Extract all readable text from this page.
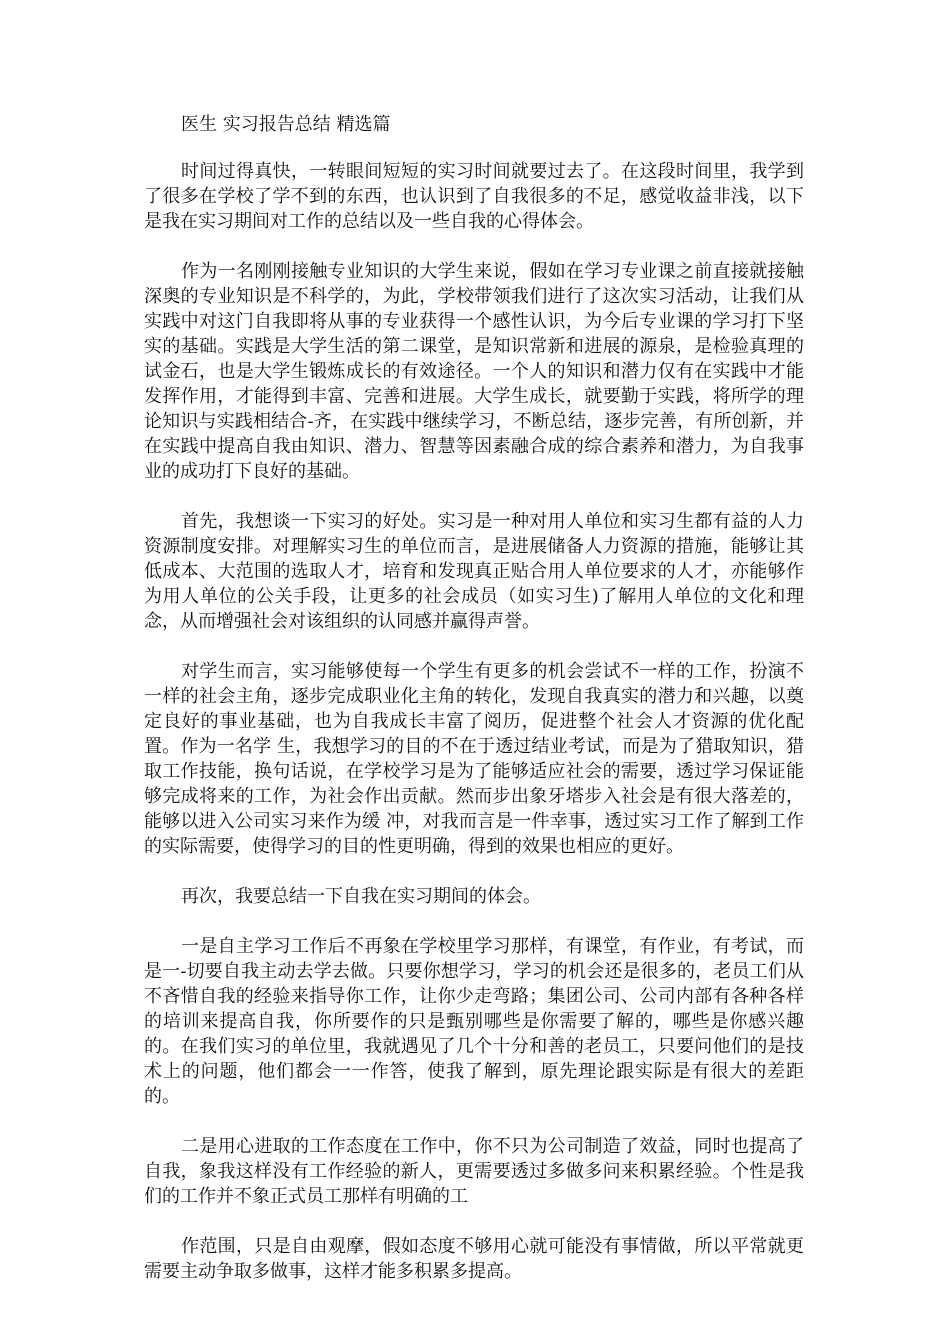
医生 实习报告总结 精选篇

时间过得真快，一转眼间短短的实习时间就要过去了。在这段时间里，我学到了很多在学校了学不到的东西，也认识到了自我很多的不足，感觉收益非浅，以下是我在实习期间对工作的总结以及一些自我的心得体会。

作为一名刚刚接触专业知识的大学生来说，假如在学习专业课之前直接就接触深奥的专业知识是不科学的，为此，学校带领我们进行了这次实习活动，让我们从实践中对这门自我即将从事的专业获得一个感性认识，为今后专业课的学习打下坚实的基础。实践是大学生活的第二课堂，是知识常新和进展的源泉，是检验真理的试金石，也是大学生锻炼成长的有效途径。一个人的知识和潜力仅有在实践中才能发挥作用，才能得到丰富、完善和进展。大学生成长，就要勤于实践，将所学的理论知识与实践相结合-齐，在实践中继续学习，不断总结，逐步完善，有所创新，并在实践中提高自我由知识、潜力、智慧等因素融合成的综合素养和潜力，为自我事业的成功打下良好的基础。

首先，我想谈一下实习的好处。实习是一种对用人单位和实习生都有益的人力资源制度安排。对理解实习生的单位而言，是进展储备人力资源的措施，能够让其低成本、大范围的选取人才，培育和发现真正贴合用人单位要求的人才，亦能够作为用人单位的公关手段，让更多的社会成员（如实习生)了解用人单位的文化和理念，从而增强社会对该组织的认同感并赢得声誉。

对学生而言，实习能够使每一个学生有更多的机会尝试不一样的工作，扮演不一样的社会主角，逐步完成职业化主角的转化，发现自我真实的潜力和兴趣，以奠定良好的事业基础，也为自我成长丰富了阅历，促进整个社会人才资源的优化配置。作为一名学 生，我想学习的目的不在于透过结业考试，而是为了猎取知识，猎取工作技能，换句话说，在学校学习是为了能够适应社会的需要，透过学习保证能够完成将来的工作，为社会作出贡献。然而步出象牙塔步入社会是有很大落差的，能够以进入公司实习来作为缓 冲，对我而言是一件幸事，透过实习工作了解到工作的实际需要，使得学习的目的性更明确，得到的效果也相应的更好。

再次，我要总结一下自我在实习期间的体会。

一是自主学习工作后不再象在学校里学习那样，有课堂，有作业，有考试，而是一-切要自我主动去学去做。只要你想学习，学习的机会还是很多的，老员工们从不吝惜自我的经验来指导你工作，让你少走弯路；集团公司、公司内部有各种各样的培训来提高自我，你所要作的只是甄别哪些是你需要了解的，哪些是你感兴趣的。在我们实习的单位里，我就遇见了几个十分和善的老员工，只要问他们的是技术上的问题，他们都会一一作答，使我了解到，原先理论跟实际是有很大的差距的。

二是用心进取的工作态度在工作中，你不只为公司制造了效益，同时也提高了自我，象我这样没有工作经验的新人，更需要透过多做多问来积累经验。个性是我们的工作并不象正式员工那样有明确的工

作范围，只是自由观摩，假如态度不够用心就可能没有事情做，所以平常就更需要主动争取多做事，这样才能多积累多提高。
